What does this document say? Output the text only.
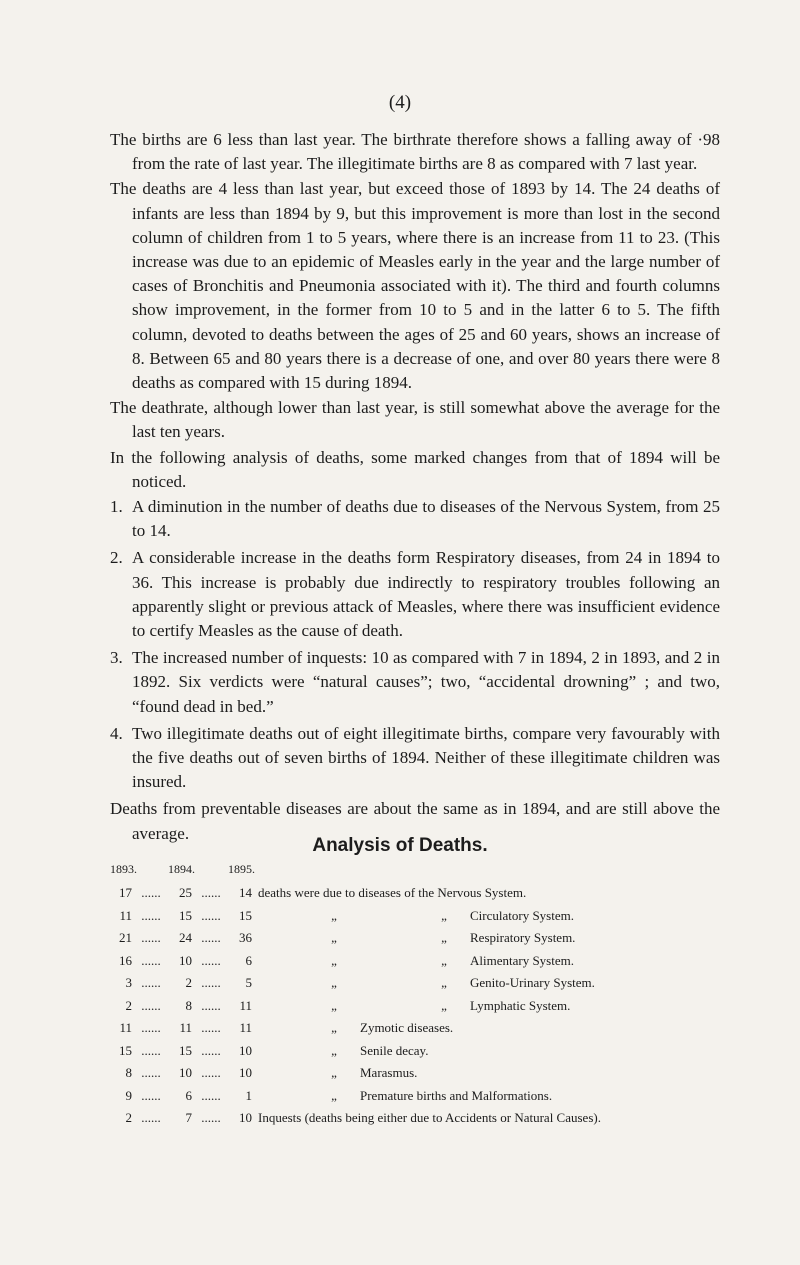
(4)

The births are 6 less than last year. The birthrate therefore shows a falling away of ·98 from the rate of last year. The illegitimate births are 8 as compared with 7 last year.

The deaths are 4 less than last year, but exceed those of 1893 by 14. The 24 deaths of infants are less than 1894 by 9, but this improvement is more than lost in the second column of children from 1 to 5 years, where there is an increase from 11 to 23. (This increase was due to an epidemic of Measles early in the year and the large number of cases of Bronchitis and Pneumonia associated with it). The third and fourth columns show improvement, in the former from 10 to 5 and in the latter 6 to 5. The fifth column, devoted to deaths between the ages of 25 and 60 years, shows an increase of 8. Between 65 and 80 years there is a decrease of one, and over 80 years there were 8 deaths as compared with 15 during 1894.

The deathrate, although lower than last year, is still somewhat above the average for the last ten years.

In the following analysis of deaths, some marked changes from that of 1894 will be noticed.

1. A diminution in the number of deaths due to diseases of the Nervous System, from 25 to 14.
2. A considerable increase in the deaths form Respiratory diseases, from 24 in 1894 to 36. This increase is probably due indirectly to respiratory troubles following an apparently slight or previous attack of Measles, where there was insufficient evidence to certify Measles as the cause of death.
3. The increased number of inquests: 10 as compared with 7 in 1894, 2 in 1893, and 2 in 1892. Six verdicts were “natural causes”; two, “accidental drowning” ; and two, “found dead in bed.”
4. Two illegitimate deaths out of eight illegitimate births, compare very favourably with the five deaths out of seven births of 1894. Neither of these illegitimate children was insured.

Deaths from preventable diseases are about the same as in 1894, and are still above the average.

Analysis of Deaths.
1893.	1894.	1895.
17 ......	25 ......	14 deaths were due to diseases of the Nervous System.
11 ......	15 ......	15	„	„ Circulatory System.
21 ......	24 ......	36	„	„ Respiratory System.
16 ......	10 ......	6	„	„ Alimentary System.
3 ......	2 ......	5	„	„ Genito-Urinary System.
2 ......	8 ......	11	„	„ Lymphatic System.
11 ......	11 ......	11	„ Zymotic diseases.
15 ......	15 ......	10	„ Senile decay.
8 ......	10 ......	10	„ Marasmus.
9 ......	6 ......	1	„ Premature births and Malformations.
2 ......	7 ......	10 Inquests (deaths being either due to Accidents or Natural Causes).
